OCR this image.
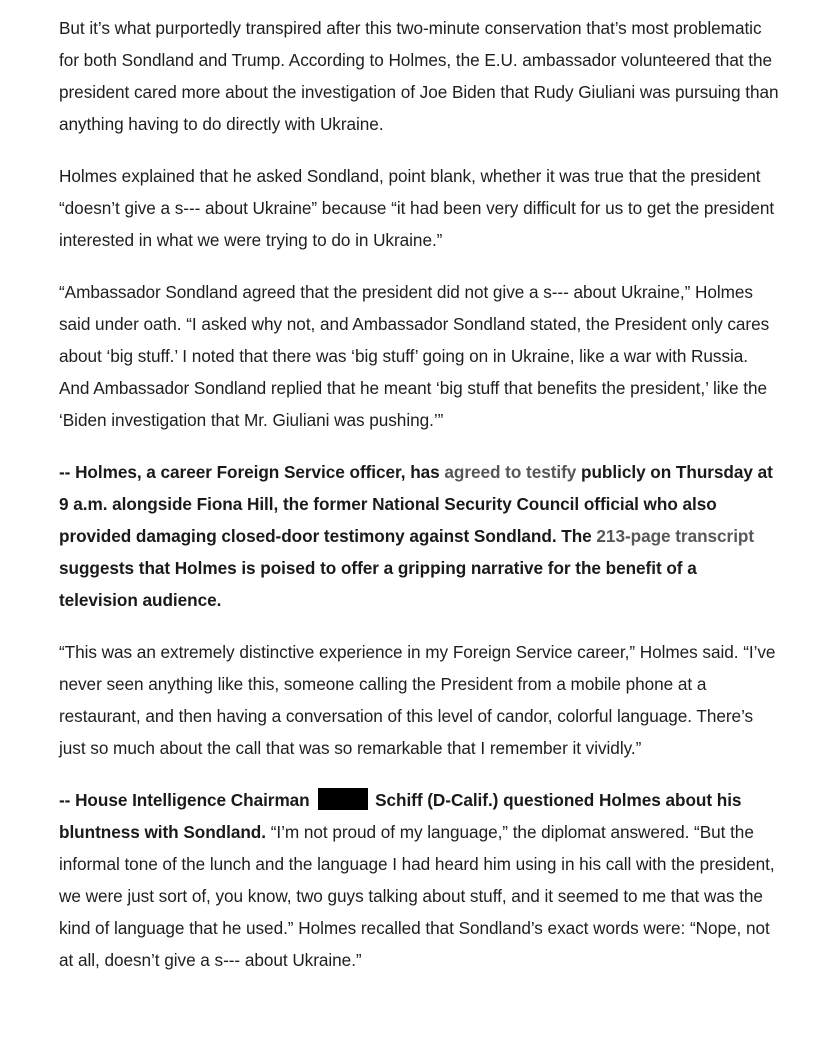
But it’s what purportedly transpired after this two-minute conservation that’s most problematic for both Sondland and Trump. According to Holmes, the E.U. ambassador volunteered that the president cared more about the investigation of Joe Biden that Rudy Giuliani was pursuing than anything having to do directly with Ukraine.

Holmes explained that he asked Sondland, point blank, whether it was true that the president “doesn’t give a s--- about Ukraine” because “it had been very difficult for us to get the president interested in what we were trying to do in Ukraine.”

“Ambassador Sondland agreed that the president did not give a s--- about Ukraine,” Holmes said under oath. “I asked why not, and Ambassador Sondland stated, the President only cares about ‘big stuff.’ I noted that there was ‘big stuff’ going on in Ukraine, like a war with Russia. And Ambassador Sondland replied that he meant ‘big stuff that benefits the president,’ like the ‘Biden investigation that Mr. Giuliani was pushing.’”

-- Holmes, a career Foreign Service officer, has agreed to testify publicly on Thursday at 9 a.m. alongside Fiona Hill, the former National Security Council official who also provided damaging closed-door testimony against Sondland. The 213-page transcript suggests that Holmes is poised to offer a gripping narrative for the benefit of a television audience.

“This was an extremely distinctive experience in my Foreign Service career,” Holmes said. “I’ve never seen anything like this, someone calling the President from a mobile phone at a restaurant, and then having a conversation of this level of candor, colorful language. There’s just so much about the call that was so remarkable that I remember it vividly.”

-- House Intelligence Chairman	Schiff (D-Calif.) questioned Holmes about his bluntness with Sondland. “I’m not proud of my language,” the diplomat answered. “But the informal tone of the lunch and the language I had heard him using in his call with the president, we were just sort of, you know, two guys talking about stuff, and it seemed to me that was the kind of language that he used.” Holmes recalled that Sondland’s exact words were: “Nope, not at all, doesn’t give a s--- about Ukraine.”
